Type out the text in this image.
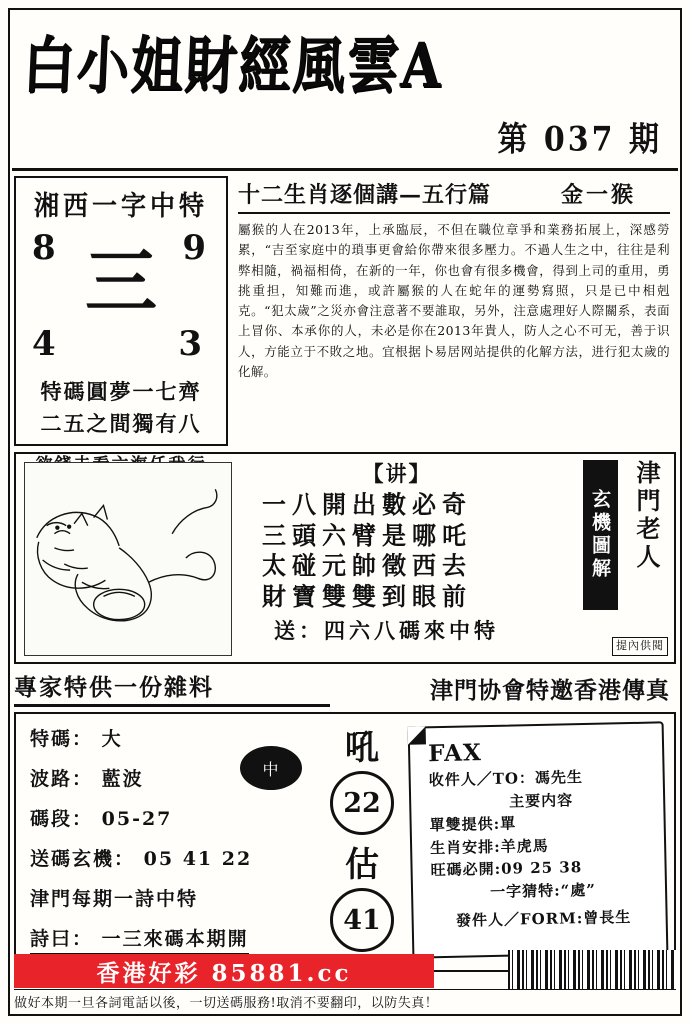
白小姐財經風雲A
第 037 期
湘西一字中特
8	9
三
4	3
特碼圓夢一七齊
二五之間獨有八
十二生肖逐個講—五行篇	金一猴
屬猴的人在2013年，上承臨辰，不但在職位章爭和業務拓展上，深感勞累，“吉至家庭中的瑣事更會給你帶來很多壓力。不過人生之中，往往是利弊相隨，禍福相倚，在新的一年，你也會有很多機會，得到上司的重用，勇挑重担，知難而進，或許屬猴的人在蛇年的運勢寫照，只是已中相剋克。“犯太歲”之災亦會注意著不要誰取，另外，注意處理好人際關系，表面上冒你、本承你的人，未必是你在2013年貴人，防人之心不可无，善于识人，方能立于不敗之地。宜根据卜易居网站提供的化解方法，进行犯太歲的化解。
【讲】
一八開出數必奇
三頭六臂是哪吒
太碰元帥徵西去
財寶雙雙到眼前
送：四六八碼來中特
玄機圖解 津門老人
提內供閱
專家特供一份雜料	津門协會特邀香港傳真
特碼： 大
波路： 藍波
碼段： 05-27
送碼玄機： 05 41 22
津門每期一詩中特
詩曰： 一三來碼本期開
中
吼
22
估
41
FAX
收件人／TO：馮先生
主要内容
單雙提供:單
生肖安排:羊虎馬
旺碼必開:09 25 38
一字猜特:“處”
發件人／FORM:曾長生
香港好彩 85881.cc
做好本期一旦各詞電話以後，一切送碼服務!取消不要翻印，以防失真！
